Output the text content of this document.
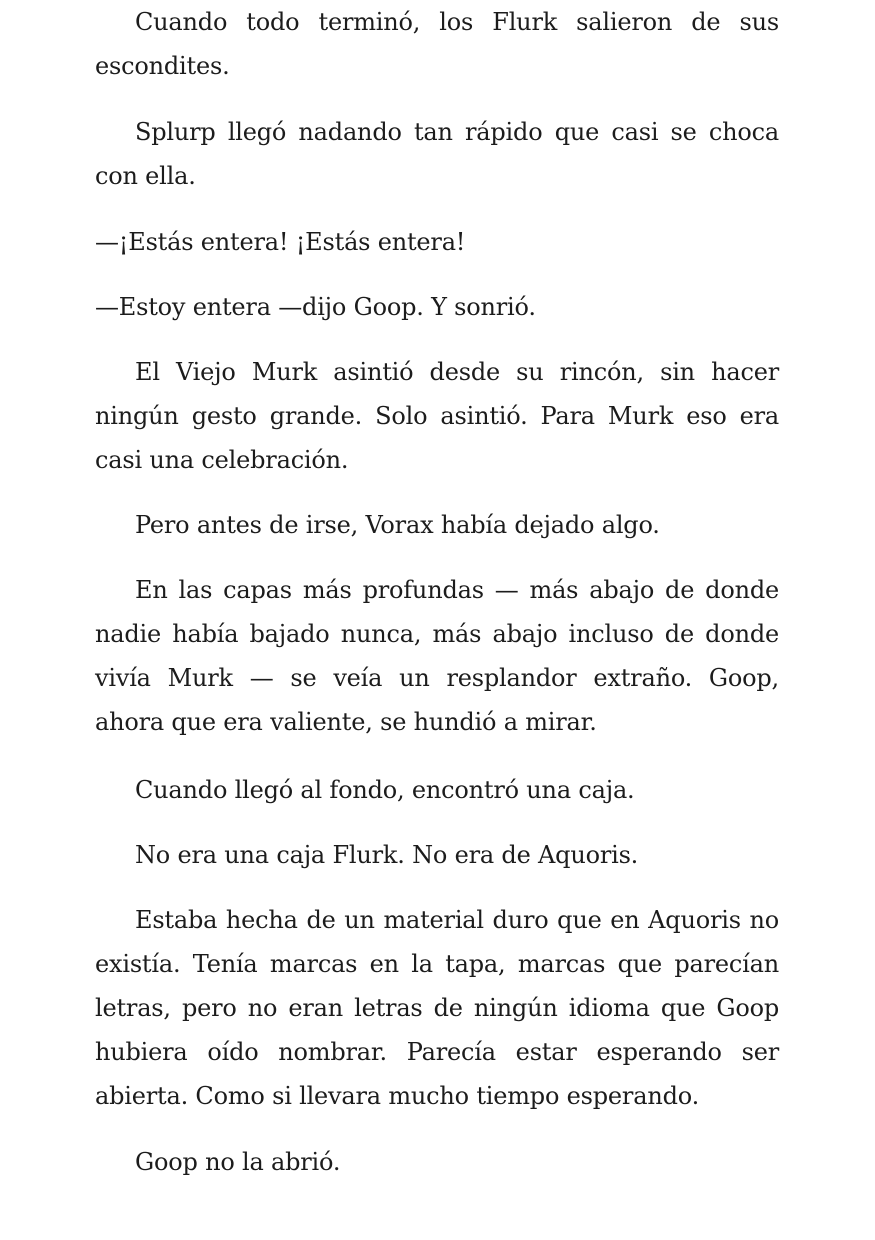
Cuando todo terminó, los Flurk salieron de sus
escondites.
Splurp llegó nadando tan rápido que casi se choca
con ella.
—¡Estás entera! ¡Estás entera!
—Estoy entera —dijo Goop. Y sonrió.
El Viejo Murk asintió desde su rincón, sin hacer
ningún gesto grande. Solo asintió. Para Murk eso era
casi una celebración.
Pero antes de irse, Vorax había dejado algo.
En las capas más profundas — más abajo de donde
nadie había bajado nunca, más abajo incluso de donde
vivía Murk — se veía un resplandor extraño. Goop,
ahora que era valiente, se hundió a mirar.
Cuando llegó al fondo, encontró una caja.
No era una caja Flurk. No era de Aquoris.
Estaba hecha de un material duro que en Aquoris no
existía. Tenía marcas en la tapa, marcas que parecían
letras, pero no eran letras de ningún idioma que Goop
hubiera oído nombrar. Parecía estar esperando ser
abierta. Como si llevara mucho tiempo esperando.
Goop no la abrió.
